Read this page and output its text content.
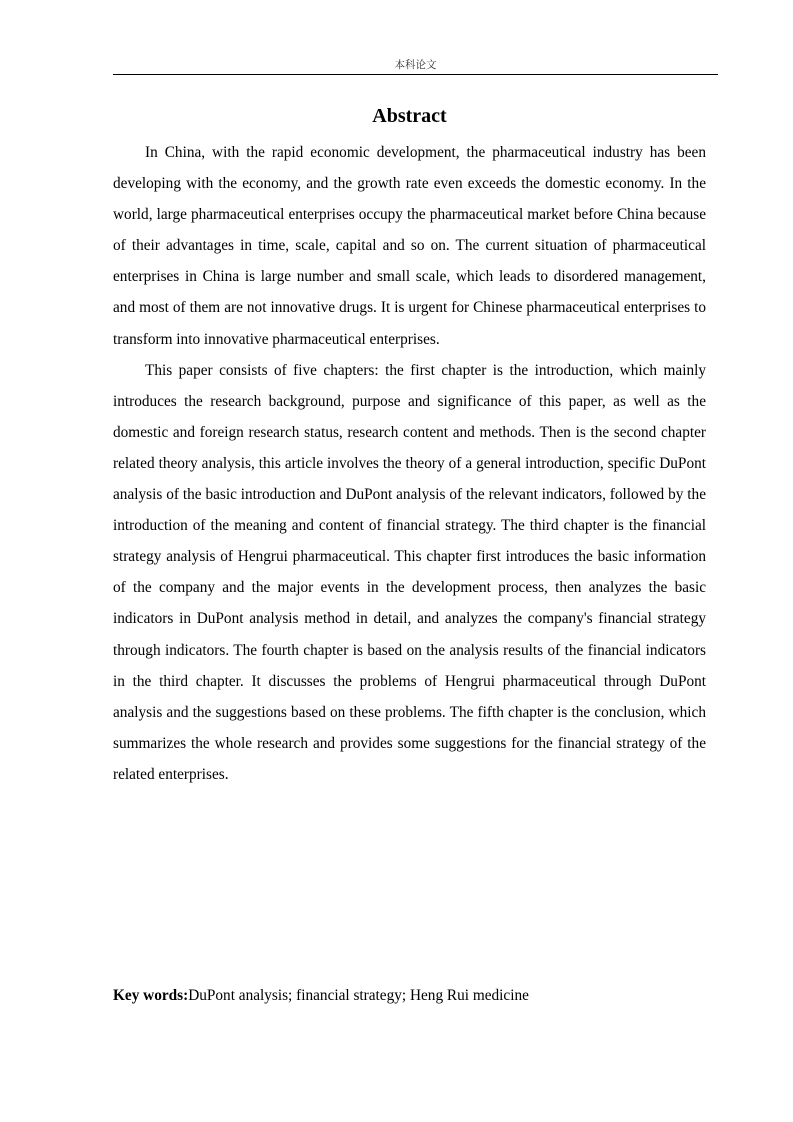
本科论文
Abstract

In China, with the rapid economic development, the pharmaceutical industry has been developing with the economy, and the growth rate even exceeds the domestic economy. In the world, large pharmaceutical enterprises occupy the pharmaceutical market before China because of their advantages in time, scale, capital and so on. The current situation of pharmaceutical enterprises in China is large number and small scale, which leads to disordered management, and most of them are not innovative drugs. It is urgent for Chinese pharmaceutical enterprises to transform into innovative pharmaceutical enterprises.

This paper consists of five chapters: the first chapter is the introduction, which mainly introduces the research background, purpose and significance of this paper, as well as the domestic and foreign research status, research content and methods. Then is the second chapter related theory analysis, this article involves the theory of a general introduction, specific DuPont analysis of the basic introduction and DuPont analysis of the relevant indicators, followed by the introduction of the meaning and content of financial strategy. The third chapter is the financial strategy analysis of Hengrui pharmaceutical. This chapter first introduces the basic information of the company and the major events in the development process, then analyzes the basic indicators in DuPont analysis method in detail, and analyzes the company's financial strategy through indicators. The fourth chapter is based on the analysis results of the financial indicators in the third chapter. It discusses the problems of Hengrui pharmaceutical through DuPont analysis and the suggestions based on these problems. The fifth chapter is the conclusion, which summarizes the whole research and provides some suggestions for the financial strategy of the related enterprises.

Key words:DuPont analysis; financial strategy; Heng Rui medicine
